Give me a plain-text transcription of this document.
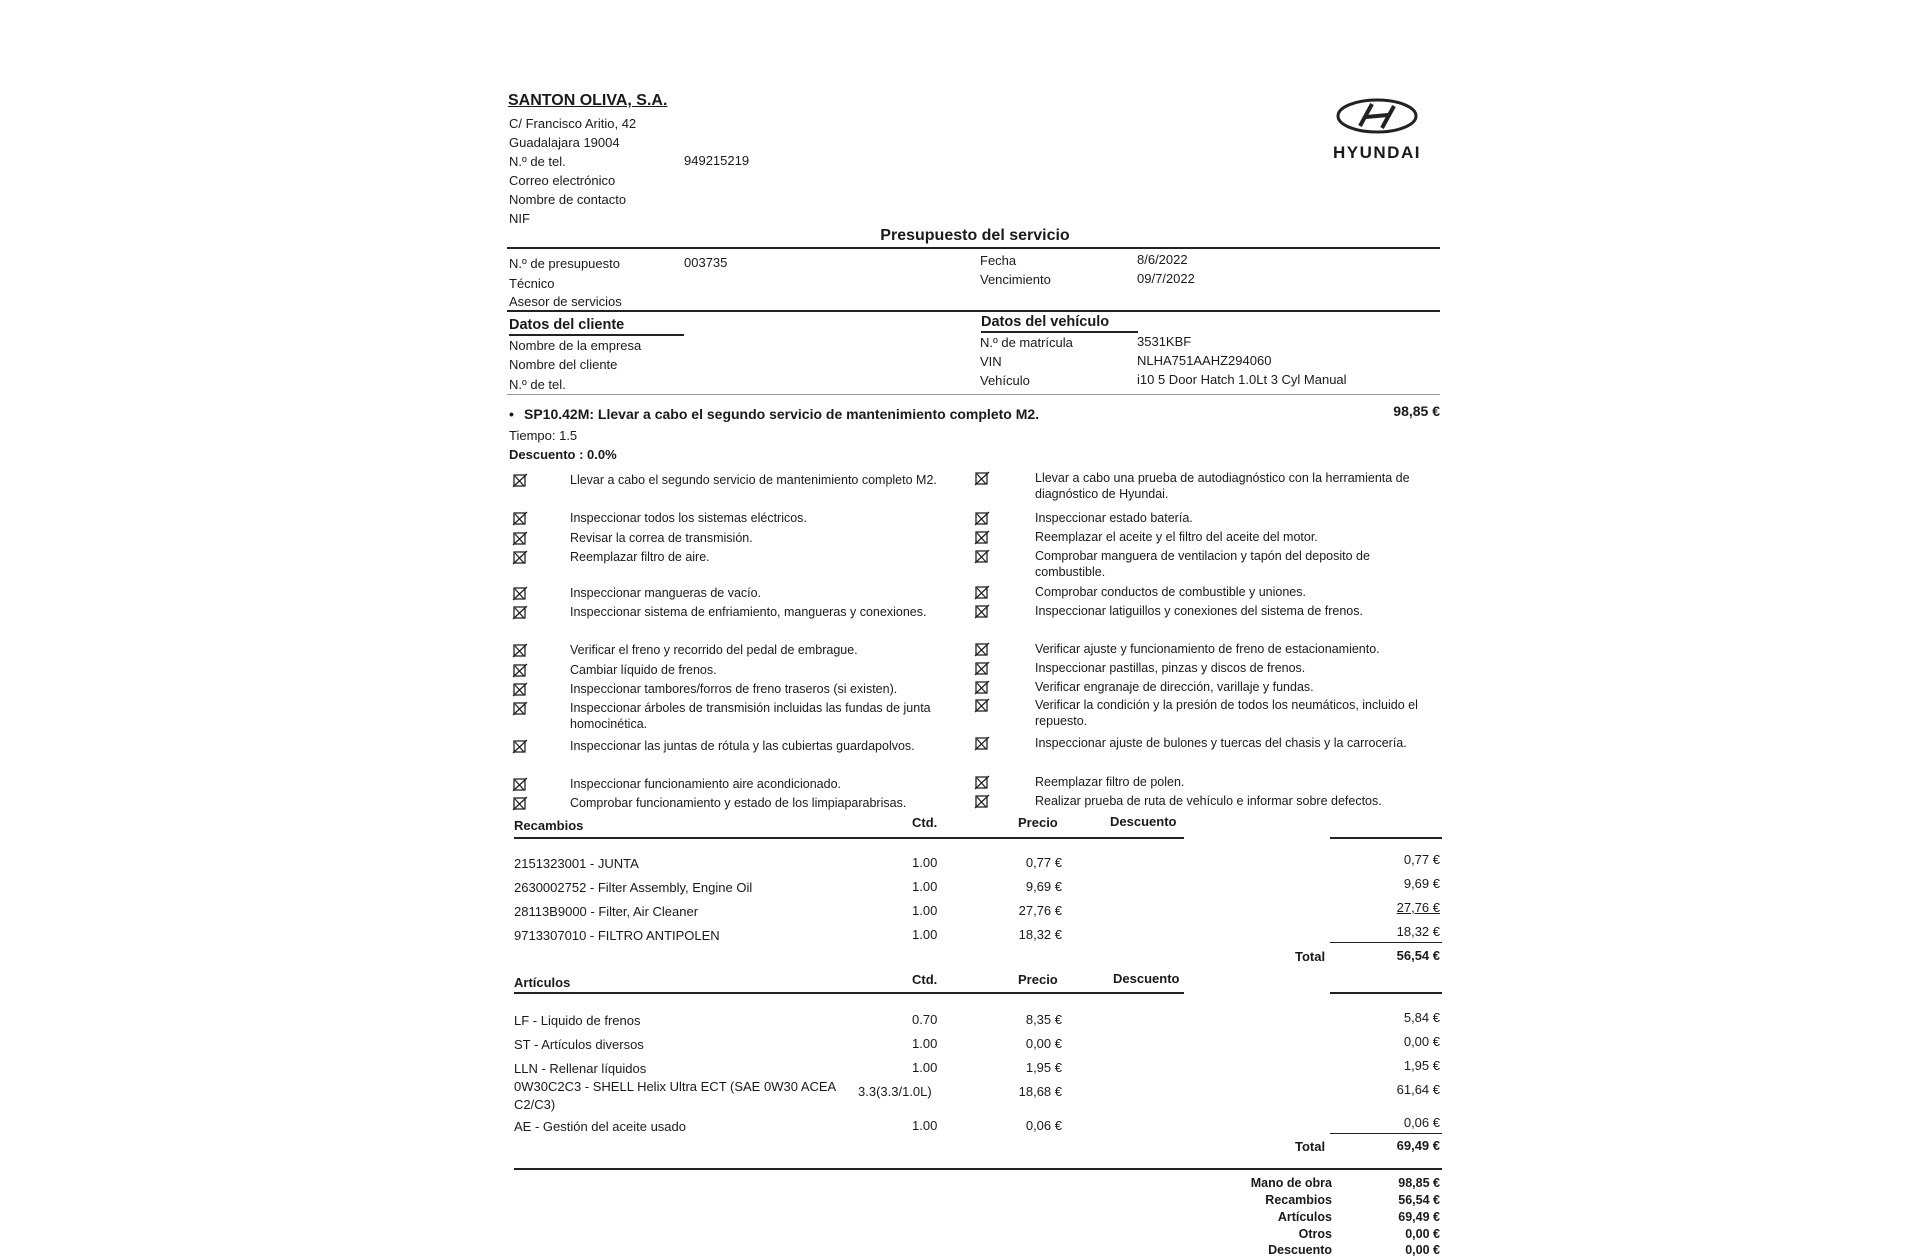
SANTON OLIVA, S.A.
C/ Francisco Aritio, 42
Guadalajara 19004
N.º de tel.	949215219
Correo electrónico
Nombre de contacto
NIF
HYUNDAI
Presupuesto del servicio
N.º de presupuesto	003735
Técnico
Asesor de servicios
Fecha	8/6/2022
Vencimiento	09/7/2022
Datos del cliente
Nombre de la empresa
Nombre del cliente
N.º de tel.
Datos del vehículo
N.º de matrícula	3531KBF
VIN	NLHA751AAHZ294060
Vehículo	i10 5 Door Hatch 1.0Lt 3 Cyl Manual
• SP10.42M: Llevar a cabo el segundo servicio de mantenimiento completo M2.	98,85 €
Tiempo: 1.5
Descuento : 0.0%
Llevar a cabo el segundo servicio de mantenimiento completo M2.
Inspeccionar todos los sistemas eléctricos.
Revisar la correa de transmisión.
Reemplazar filtro de aire.
Inspeccionar mangueras de vacío.
Inspeccionar sistema de enfriamiento, mangueras y conexiones.
Verificar el freno y recorrido del pedal de embrague.
Cambiar líquido de frenos.
Inspeccionar tambores/forros de freno traseros (si existen).
Inspeccionar árboles de transmisión incluidas las fundas de junta homocinética.
Inspeccionar las juntas de rótula y las cubiertas guardapolvos.
Inspeccionar funcionamiento aire acondicionado.
Comprobar funcionamiento y estado de los limpiaparabrisas.
Llevar a cabo una prueba de autodiagnóstico con la herramienta de diagnóstico de Hyundai.
Inspeccionar estado batería.
Reemplazar el aceite y el filtro del aceite del motor.
Comprobar manguera de ventilacion y tapón del deposito de combustible.
Comprobar conductos de combustible y uniones.
Inspeccionar latiguillos y conexiones del sistema de frenos.
Verificar ajuste y funcionamiento de freno de estacionamiento.
Inspeccionar pastillas, pinzas y discos de frenos.
Verificar engranaje de dirección, varillaje y fundas.
Verificar la condición y la presión de todos los neumáticos, incluido el repuesto.
Inspeccionar ajuste de bulones y tuercas del chasis y la carrocería.
Reemplazar filtro de polen.
Realizar prueba de ruta de vehículo e informar sobre defectos.
Recambios	Ctd.	Precio	Descuento
2151323001 - JUNTA	1.00	0,77 €	0,77 €
2630002752 - Filter Assembly, Engine Oil	1.00	9,69 €	9,69 €
28113B9000 - Filter, Air Cleaner	1.00	27,76 €	27,76 €
9713307010 - FILTRO ANTIPOLEN	1.00	18,32 €	18,32 €
Total	56,54 €
Artículos	Ctd.	Precio	Descuento
LF - Liquido de frenos	0.70	8,35 €	5,84 €
ST - Artículos diversos	1.00	0,00 €	0,00 €
LLN - Rellenar líquidos	1.00	1,95 €	1,95 €
0W30C2C3 - SHELL Helix Ultra ECT (SAE 0W30 ACEA C2/C3)
3.3(3.3/1.0L)	18,68 €	61,64 €
AE - Gestión del aceite usado	1.00	0,06 €	0,06 €
Total	69,49 €
Mano de obra	98,85 €
Recambios	56,54 €
Artículos	69,49 €
Otros	0,00 €
Descuento	0,00 €
